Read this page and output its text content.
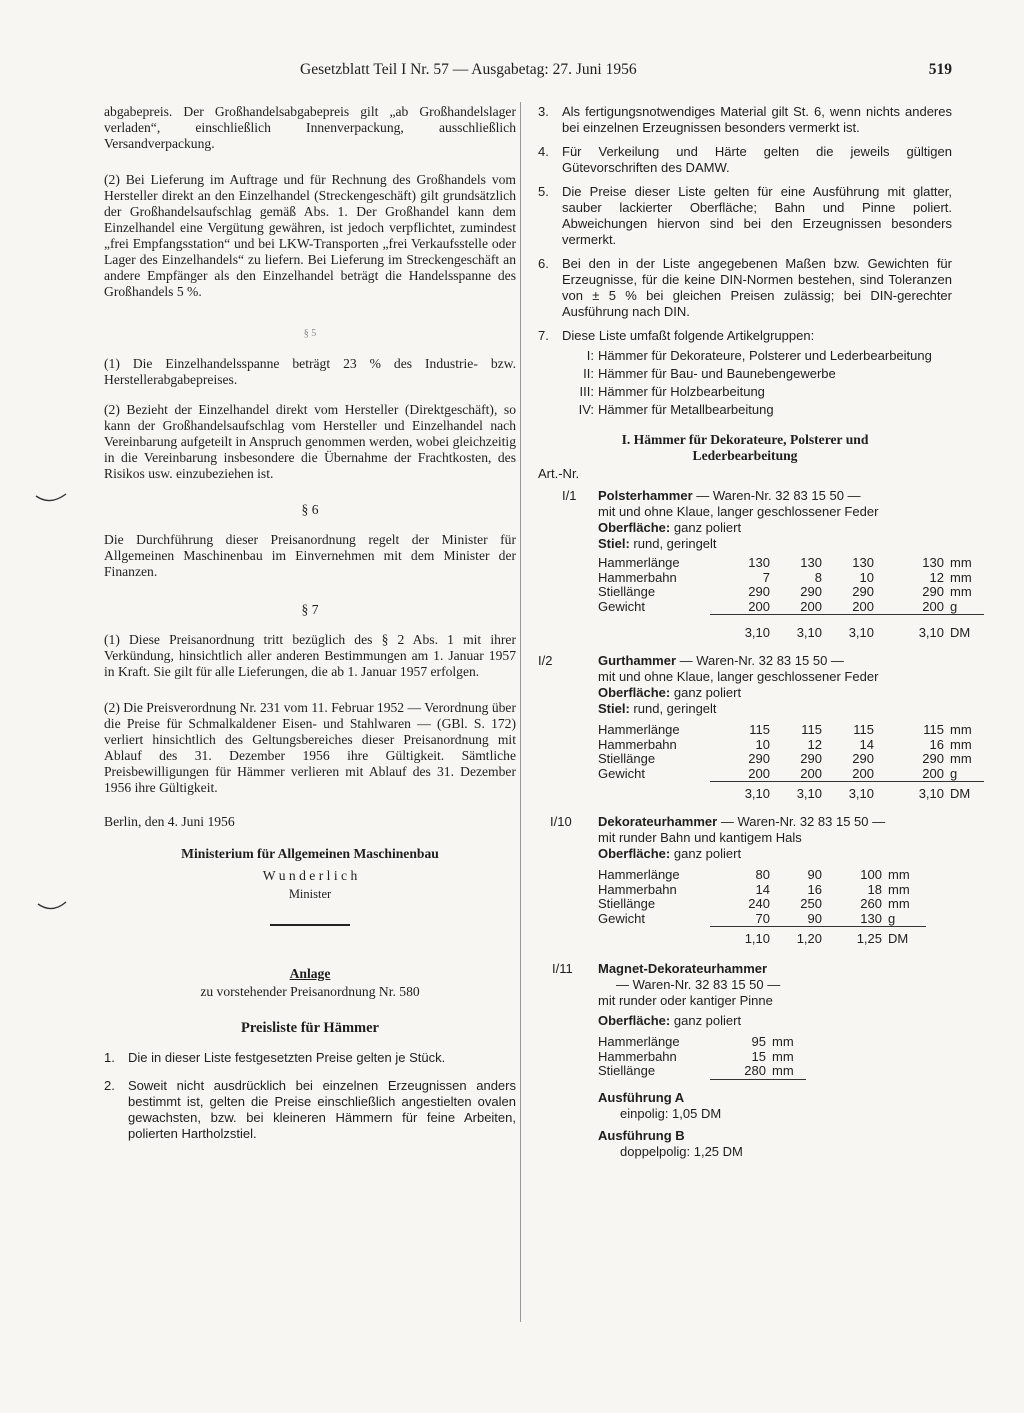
Gesetzblatt Teil I Nr. 57 — Ausgabetag: 27. Juni 1956	519

abgabepreis. Der Großhandelsabgabepreis gilt „ab Großhandelslager verladen“, einschließlich Innenverpackung, ausschließlich Versandverpackung.

(2) Bei Lieferung im Auftrage und für Rechnung des Großhandels vom Hersteller direkt an den Einzelhandel (Streckengeschäft) gilt grundsätzlich der Großhandelsaufschlag gemäß Abs. 1. Der Großhandel kann dem Einzelhandel eine Vergütung gewähren, ist jedoch verpflichtet, zumindest „frei Empfangsstation“ und bei LKW-Transporten „frei Verkaufsstelle oder Lager des Einzelhandels“ zu liefern. Bei Lieferung im Streckengeschäft an andere Empfänger als den Einzelhandel beträgt die Handelsspanne des Großhandels 5 %.

§ 5

(1) Die Einzelhandelsspanne beträgt 23 % des Industrie- bzw. Herstellerabgabepreises.

(2) Bezieht der Einzelhandel direkt vom Hersteller (Direktgeschäft), so kann der Großhandelsaufschlag vom Hersteller und Einzelhandel nach Vereinbarung aufgeteilt in Anspruch genommen werden, wobei gleichzeitig in die Vereinbarung insbesondere die Übernahme der Frachtkosten, des Risikos usw. einzubeziehen ist.

§ 6

Die Durchführung dieser Preisanordnung regelt der Minister für Allgemeinen Maschinenbau im Einvernehmen mit dem Minister der Finanzen.

§ 7

(1) Diese Preisanordnung tritt bezüglich des § 2 Abs. 1 mit ihrer Verkündung, hinsichtlich aller anderen Bestimmungen am 1. Januar 1957 in Kraft. Sie gilt für alle Lieferungen, die ab 1. Januar 1957 erfolgen.

(2) Die Preisverordnung Nr. 231 vom 11. Februar 1952 — Verordnung über die Preise für Schmalkaldener Eisen- und Stahlwaren — (GBl. S. 172) verliert hinsichtlich des Geltungsbereiches dieser Preisanordnung mit Ablauf des 31. Dezember 1956 ihre Gültigkeit. Sämtliche Preisbewilligungen für Hämmer verlieren mit Ablauf des 31. Dezember 1956 ihre Gültigkeit.

Berlin, den 4. Juni 1956

Ministerium für Allgemeinen Maschinenbau
W u n d e r l i c h
Minister
Anlage
zu vorstehender Preisanordnung Nr. 580
Preisliste für Hämmer
1.	Die in dieser Liste festgesetzten Preise gelten je Stück.
2.	Soweit nicht ausdrücklich bei einzelnen Erzeugnissen anders bestimmt ist, gelten die Preise einschließlich angestielten ovalen gewachsten, bzw. bei kleineren Hämmern für feine Arbeiten, polierten Hartholzstiel.
3.	Als fertigungsnotwendiges Material gilt St. 6, wenn nichts anderes bei einzelnen Erzeugnissen besonders vermerkt ist.
4.	Für Verkeilung und Härte gelten die jeweils gültigen Gütevorschriften des DAMW.
5.	Die Preise dieser Liste gelten für eine Ausführung mit glatter, sauber lackierter Oberfläche; Bahn und Pinne poliert. Abweichungen hiervon sind bei den Erzeugnissen besonders vermerkt.
6.	Bei den in der Liste angegebenen Maßen bzw. Gewichten für Erzeugnisse, für die keine DIN-Normen bestehen, sind Toleranzen von ± 5 % bei gleichen Preisen zulässig; bei DIN-gerechter Ausführung nach DIN.
7.	Diese Liste umfaßt folgende Artikelgruppen:
I: Hämmer für Dekorateure, Polsterer und Lederbearbeitung
II: Hämmer für Bau- und Baunebengewerbe
III: Hämmer für Holzbearbeitung
IV: Hämmer für Metallbearbeitung
I. Hämmer für Dekorateure, Polsterer und Lederbearbeitung
Art.-Nr.
I/1	Polsterhammer — Waren-Nr. 32 83 15 50 —
mit und ohne Klaue, langer geschlossener Feder
Oberfläche: ganz poliert
Stiel: rund, geringelt
Hammerlänge	130	130	130	130 mm
Hammerbahn	7	8	10	12 mm
Stiellänge	290	290	290	290 mm
Gewicht	200	200	200	200 g
3,10	3,10	3,10	3,10 DM
I/2	Gurthammer — Waren-Nr. 32 83 15 50 —
mit und ohne Klaue, langer geschlossener Feder
Oberfläche: ganz poliert
Stiel: rund, geringelt
Hammerlänge	115	115	115	115 mm
Hammerbahn	10	12	14	16 mm
Stiellänge	290	290	290	290 mm
Gewicht	200	200	200	200 g
3,10	3,10	3,10	3,10 DM
I/10	Dekorateurhammer — Waren-Nr. 32 83 15 50 —
mit runder Bahn und kantigem Hals
Oberfläche: ganz poliert
Hammerlänge	80	90	100 mm
Hammerbahn	14	16	18 mm
Stiellänge	240	250	260 mm
Gewicht	70	90	130 g
1,10	1,20	1,25 DM
I/11	Magnet-Dekorateurhammer
— Waren-Nr. 32 83 15 50 —
mit runder oder kantiger Pinne
Oberfläche: ganz poliert
Hammerlänge	95 mm
Hammerbahn	15 mm
Stiellänge	280 mm
Ausführung A
einpolig: 1,05 DM
Ausführung B
doppelpolig: 1,25 DM
